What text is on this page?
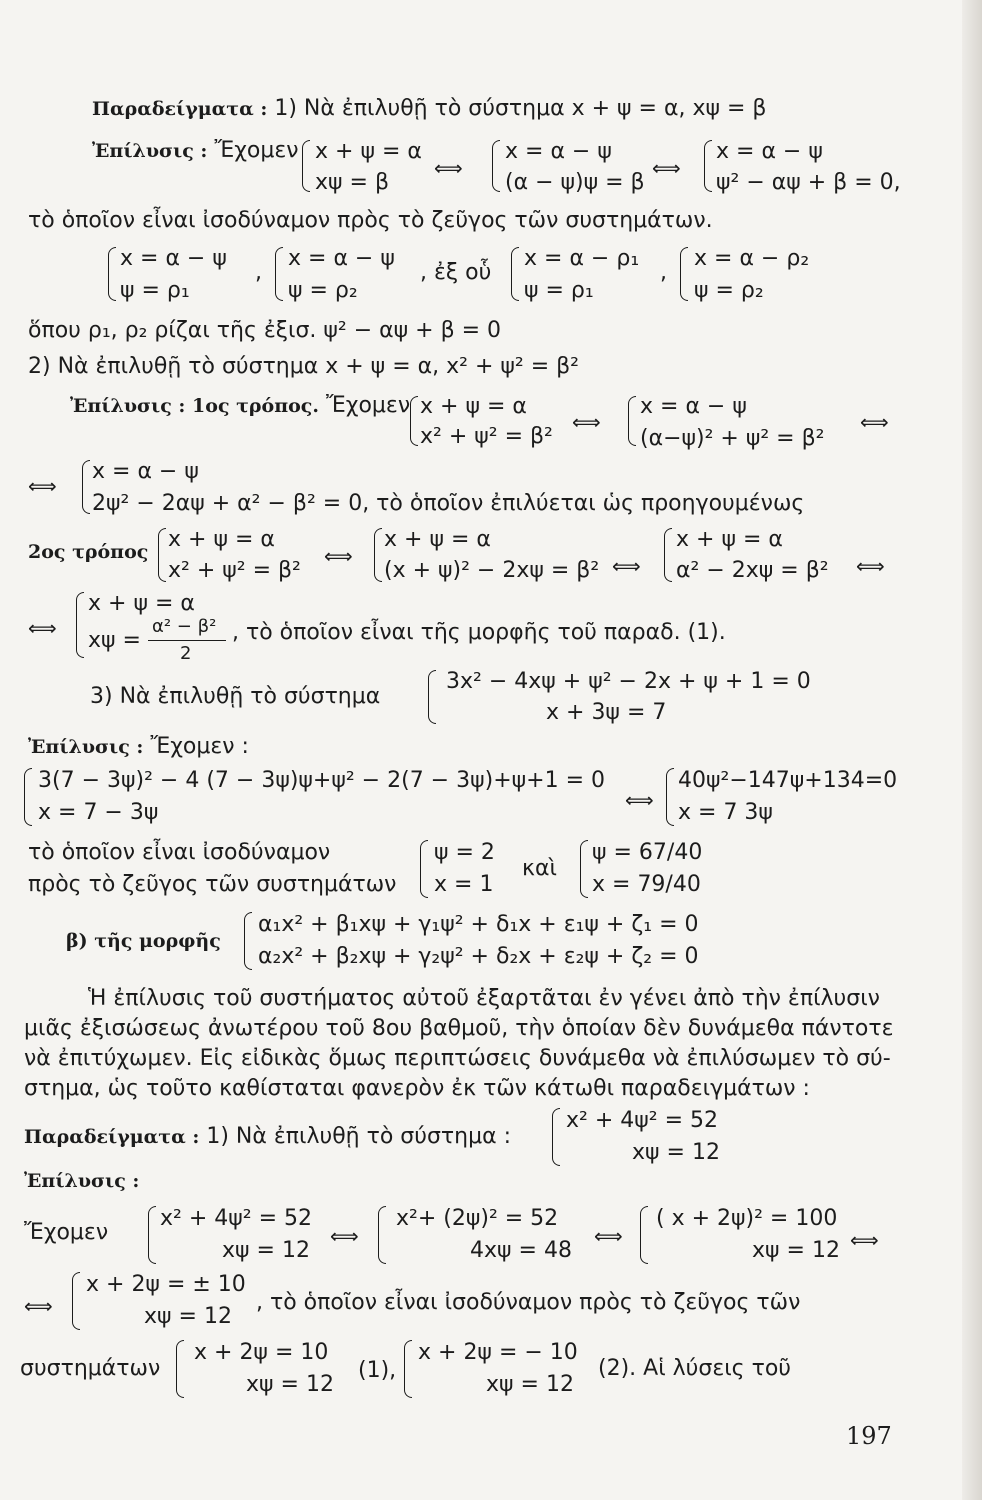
Παραδείγματα : 1) Νὰ ἐπιλυθῇ τὸ σύστημα x + ψ = α, xψ = β
Ἐπίλυσις : Ἔχομεν x + ψ = α
xψ = β
⟺
x = α − ψ
(α − ψ)ψ = β
⟺
x = α − ψ
ψ² − αψ + β = 0,
τὸ ὁποῖον εἶναι ἰσοδύναμον πρὸς τὸ ζεῦγος τῶν συστημάτων.
x = α − ψ
ψ = ρ₁
,
x = α − ψ
ψ = ρ₂
, ἐξ οὗ
x = α − ρ₁
ψ = ρ₁
,
x = α − ρ₂
ψ = ρ₂
ὅπου ρ₁, ρ₂ ρίζαι τῆς ἐξισ. ψ² − αψ + β = 0
2) Νὰ ἐπιλυθῇ τὸ σύστημα x + ψ = α, x² + ψ² = β²
Ἐπίλυσις : 1ος τρόπος. Ἔχομεν x + ψ = α
x² + ψ² = β²
⟺
x = α − ψ
(α−ψ)² + ψ² = β²
⟺
⟺
x = α − ψ
2ψ² − 2αψ + α² − β² = 0, τὸ ὁποῖον ἐπιλύεται ὡς προηγουμένως
2ος τρόπος x + ψ = α
x² + ψ² = β²
⟺
x + ψ = α
(x + ψ)² − 2xψ = β² ⟺
x + ψ = α
α² − 2xψ = β² ⟺
⟺
x + ψ = α
xψ =
α² − β²
2
, τὸ ὁποῖον εἶναι τῆς μορφῆς τοῦ παραδ. (1).
3) Νὰ ἐπιλυθῇ τὸ σύστημα
3x² − 4xψ + ψ² − 2x + ψ + 1 = 0
x + 3ψ = 7
Ἐπίλυσις : Ἔχομεν :
3(7 − 3ψ)² − 4 (7 − 3ψ)ψ+ψ² − 2(7 − 3ψ)+ψ+1 = 0
x = 7 − 3ψ	⟺
40ψ²−147ψ+134=0
x = 7 3ψ
τὸ ὁποῖον εἶναι ἰσοδύναμον
πρὸς τὸ ζεῦγος τῶν συστημάτων
ψ = 2
x = 1
καὶ
ψ = 67/40
x = 79/40
β) τῆς μορφῆς
α₁x² + β₁xψ + γ₁ψ² + δ₁x + ε₁ψ + ζ₁ = 0
α₂x² + β₂xψ + γ₂ψ² + δ₂x + ε₂ψ + ζ₂ = 0
Ἡ ἐπίλυσις τοῦ συστήματος αὐτοῦ ἐξαρτᾶται ἐν γένει ἀπὸ τὴν ἐπίλυσιν
μιᾶς ἐξισώσεως ἀνωτέρου τοῦ 8ου βαθμοῦ, τὴν ὁποίαν δὲν δυνάμεθα πάντοτε
νὰ ἐπιτύχωμεν. Εἰς εἰδικὰς ὅμως περιπτώσεις δυνάμεθα νὰ ἐπιλύσωμεν τὸ σύ-
στημα, ὡς τοῦτο καθίσταται φανερὸν ἐκ τῶν κάτωθι παραδειγμάτων :
Παραδείγματα : 1) Νὰ ἐπιλυθῇ τὸ σύστημα :
x² + 4ψ² = 52
xψ = 12
Ἐπίλυσις :
Ἔχομεν
x² + 4ψ² = 52
xψ = 12
⟺
x²+ (2ψ)² = 52
4xψ = 48
⟺
( x + 2ψ)² = 100
xψ = 12 ⟺
⟺
x + 2ψ = ± 10
xψ = 12
, τὸ ὁποῖον εἶναι ἰσοδύναμον πρὸς τὸ ζεῦγος τῶν
συστημάτων
x + 2ψ = 10
xψ = 12
(1),
x + 2ψ = − 10
xψ = 12
(2). Αἱ λύσεις τοῦ
197
